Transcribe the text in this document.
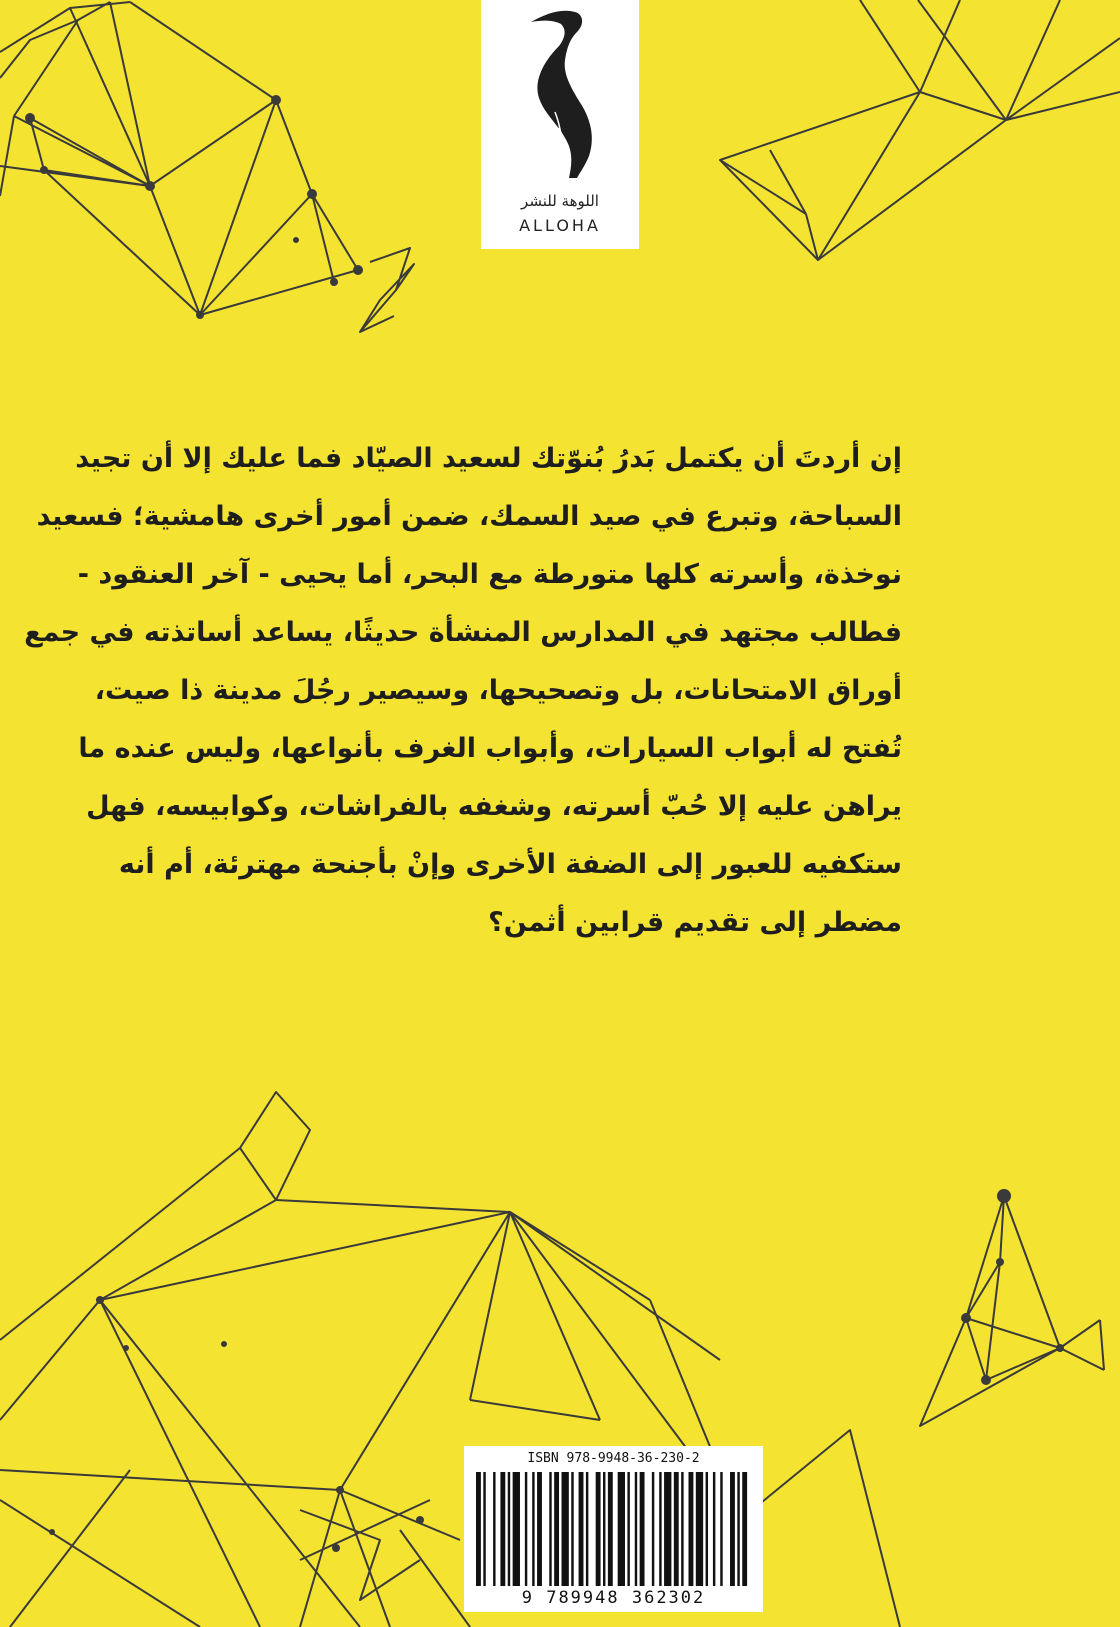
اللوهة للنشر
ALLOHA
إن أردتَ أن يكتمل بَدرُ بُنوّتك لسعيد الصيّاد فما عليك إلا أن تجيد
السباحة، وتبرع في صيد السمك، ضمن أمور أخرى هامشية؛ فسعيد
نوخذة، وأسرته كلها متورطة مع البحر، أما يحيى - آخر العنقود -
فطالب مجتهد في المدارس المنشأة حديثًا، يساعد أساتذته في جمع
أوراق الامتحانات، بل وتصحيحها، وسيصير رجُلَ مدينة ذا صيت،
تُفتح له أبواب السيارات، وأبواب الغرف بأنواعها، وليس عنده ما
يراهن عليه إلا حُبّ أسرته، وشغفه بالفراشات، وكوابيسه، فهل
ستكفيه للعبور إلى الضفة الأخرى وإنْ بأجنحة مهترئة، أم أنه
مضطر إلى تقديم قرابين أثمن؟
ISBN 978-9948-36-230-2
9 789948 362302
